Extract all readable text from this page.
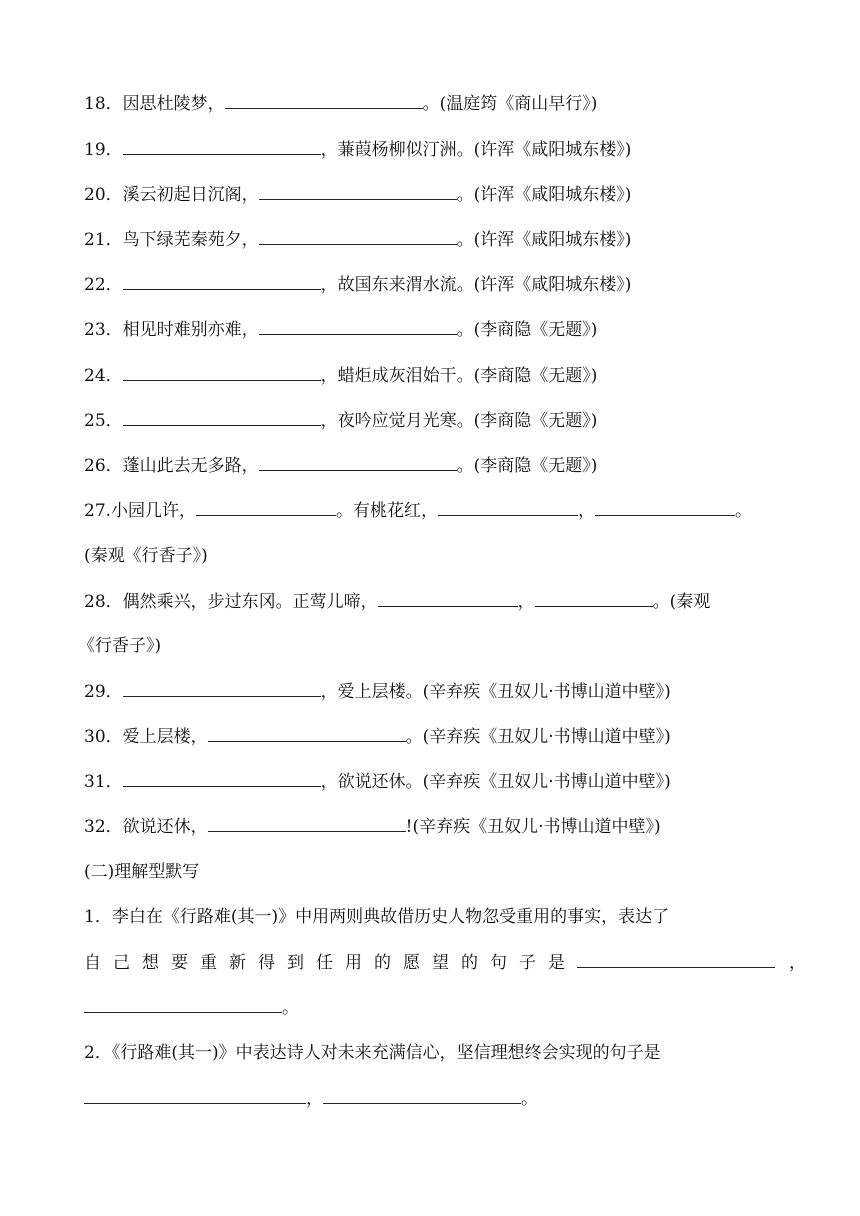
18．因思杜陵梦，	。(温庭筠《商山早行》)
19．	，蒹葭杨柳似汀洲。(许浑《咸阳城东楼》)
20．溪云初起日沉阁，	。(许浑《咸阳城东楼》)
21．鸟下绿芜秦苑夕，	。(许浑《咸阳城东楼》)
22．	，故国东来渭水流。(许浑《咸阳城东楼》)
23．相见时难别亦难，	。(李商隐《无题》)
24．	，蜡炬成灰泪始干。(李商隐《无题》)
25．	，夜吟应觉月光寒。(李商隐《无题》)
26．蓬山此去无多路，	。(李商隐《无题》)
27.小园几许，	。有桃花红，	，	。
(秦观《行香子》)
28．偶然乘兴，步过东冈。正莺儿啼，	，	。(秦观
《行香子》)
29．	，爱上层楼。(辛弃疾《丑奴儿·书博山道中壁》)
30．爱上层楼，	。(辛弃疾《丑奴儿·书博山道中壁》)
31．	，欲说还休。(辛弃疾《丑奴儿·书博山道中壁》)
32．欲说还休，	!(辛弃疾《丑奴儿·书博山道中壁》)
(二)理解型默写
1．李白在《行路难(其一)》中用两则典故借历史人物忽受重用的事实，表达了
自己想要重新得到任用的愿望的句子是	，
。
2．《行路难(其一)》中表达诗人对未来充满信心，坚信理想终会实现的句子是
，	。
